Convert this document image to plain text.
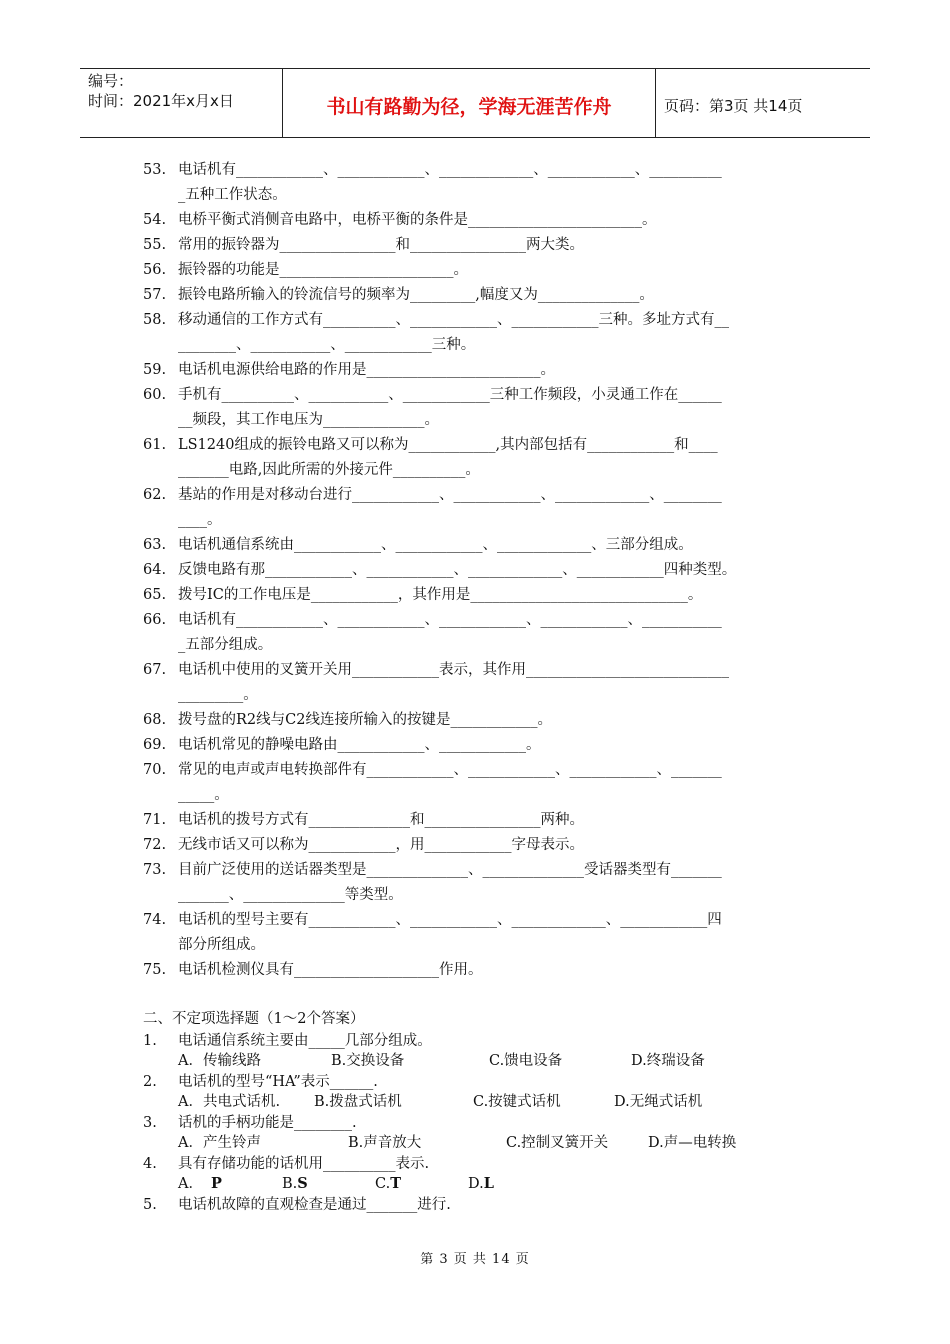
编号：
时间：2021年x月x日	书山有路勤为径，学海无涯苦作舟	页码：第3页 共14页
53. 电话机有____________、____________、_____________、____________、__________
_五种工作状态。
54. 电桥平衡式消侧音电路中，电桥平衡的条件是________________________。
55. 常用的振铃器为________________和________________两大类。
56. 振铃器的功能是________________________。
57. 振铃电路所输入的铃流信号的频率为_________,幅度又为______________。
58. 移动通信的工作方式有__________、____________、____________三种。多址方式有__
________、___________、____________三种。
59. 电话机电源供给电路的作用是________________________。
60. 手机有__________、___________、____________三种工作频段，小灵通工作在______
__频段，其工作电压为______________。
61. LS1240组成的振铃电路又可以称为____________,其内部包括有____________和____
_______电路,因此所需的外接元件__________。
62. 基站的作用是对移动台进行____________、____________、_____________、________
____。
63. 电话机通信系统由____________、____________、_____________、三部分组成。
64. 反馈电路有那____________、____________、_____________、____________四种类型。
65. 拨号IC的工作电压是____________，其作用是______________________________。
66. 电话机有____________、____________、____________、____________、___________
_五部分组成。
67. 电话机中使用的叉簧开关用____________表示，其作用____________________________
_________。
68. 拨号盘的R2线与C2线连接所输入的按键是____________。
69. 电话机常见的静噪电路由____________、____________。
70. 常见的电声或声电转换部件有____________、____________、____________、_______
_____。
71. 电话机的拨号方式有______________和________________两种。
72. 无线市话又可以称为____________，用____________字母表示。
73. 目前广泛使用的送话器类型是______________、______________受话器类型有_______
_______、______________等类型。
74. 电话机的型号主要有____________、____________、_____________、____________四
部分所组成。
75. 电话机检测仪具有____________________作用。
二、不定项选择题（1～2个答案）
1.	电话通信系统主要由_____几部分组成。
A．传输线路	B.交换设备	C.馈电设备	D.终瑞设备
2.	电话机的型号“HA”表示______.
A．共电式话机. B.拨盘式话机	C.按键式话机	D.无绳式话机
3.	话机的手柄功能是________.
A．产生铃声	B.声音放大	C.控制叉簧开关	D.声—电转换
4.	具有存储功能的话机用__________表示.
A． P	B.S	C.T	D.L
5.	电话机故障的直观检查是通过_______进行.
第 3 页 共 14 页
